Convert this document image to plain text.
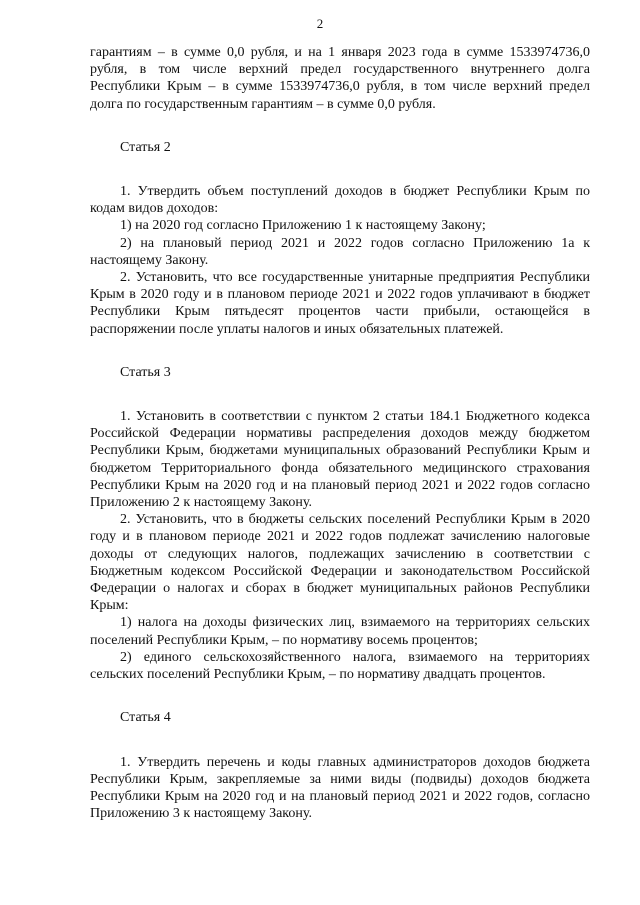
2

гарантиям – в сумме 0,0 рубля, и на 1 января 2023 года в сумме 1533974736,0 рубля, в том числе верхний предел государственного внутреннего долга Республики Крым – в сумме 1533974736,0 рубля, в том числе верхний предел долга по государственным гарантиям – в сумме 0,0 рубля.

Статья 2

1. Утвердить объем поступлений доходов в бюджет Республики Крым по кодам видов доходов:

1) на 2020 год согласно Приложению 1 к настоящему Закону;

2) на плановый период 2021 и 2022 годов согласно Приложению 1а к настоящему Закону.

2. Установить, что все государственные унитарные предприятия Республики Крым в 2020 году и в плановом периоде 2021 и 2022 годов уплачивают в бюджет Республики Крым пятьдесят процентов части прибыли, остающейся в распоряжении после уплаты налогов и иных обязательных платежей.

Статья 3

1. Установить в соответствии с пунктом 2 статьи 184.1 Бюджетного кодекса Российской Федерации нормативы распределения доходов между бюджетом Республики Крым, бюджетами муниципальных образований Республики Крым и бюджетом Территориального фонда обязательного медицинского страхования Республики Крым на 2020 год и на плановый период 2021 и 2022 годов согласно Приложению 2 к настоящему Закону.

2. Установить, что в бюджеты сельских поселений Республики Крым в 2020 году и в плановом периоде 2021 и 2022 годов подлежат зачислению налоговые доходы от следующих налогов, подлежащих зачислению в соответствии с Бюджетным кодексом Российской Федерации и законодательством Российской Федерации о налогах и сборах в бюджет муниципальных районов Республики Крым:

1) налога на доходы физических лиц, взимаемого на территориях сельских поселений Республики Крым, – по нормативу восемь процентов;

2) единого сельскохозяйственного налога, взимаемого на территориях сельских поселений Республики Крым, – по нормативу двадцать процентов.

Статья 4

1. Утвердить перечень и коды главных администраторов доходов бюджета Республики Крым, закрепляемые за ними виды (подвиды) доходов бюджета Республики Крым на 2020 год и на плановый период 2021 и 2022 годов, согласно Приложению 3 к настоящему Закону.
